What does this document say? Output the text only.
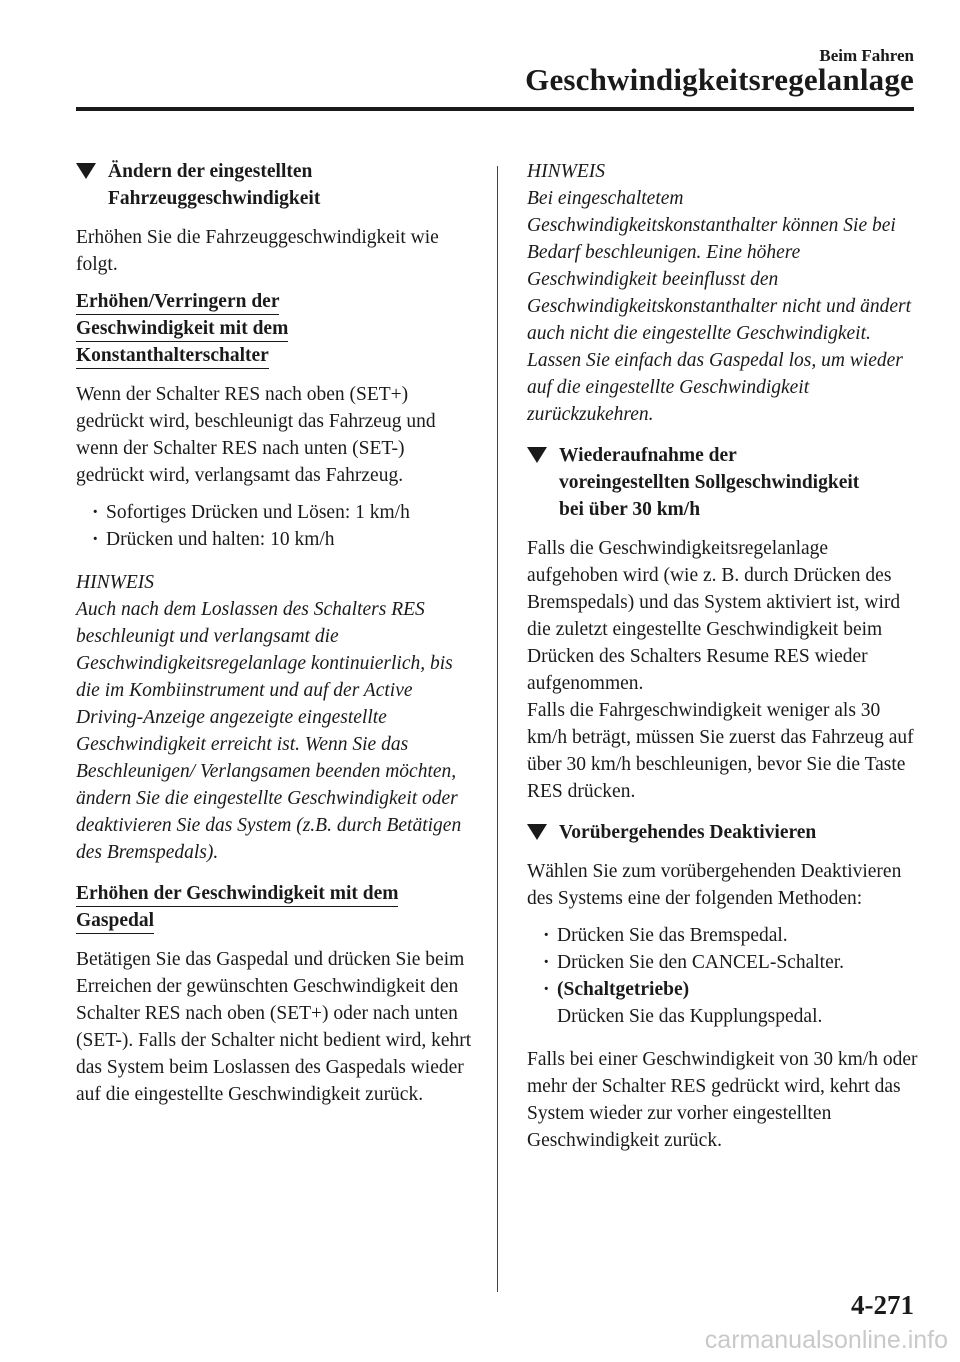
Beim Fahren
Geschwindigkeitsregelanlage
Ändern der eingestellten
Fahrzeuggeschwindigkeit

Erhöhen Sie die Fahrzeuggeschwindigkeit wie folgt.

Erhöhen/Verringern der
Geschwindigkeit mit dem
Konstanthalterschalter

Wenn der Schalter RES nach oben (SET+) gedrückt wird, beschleunigt das Fahrzeug und wenn der Schalter RES nach unten (SET-) gedrückt wird, verlangsamt das Fahrzeug.

· Sofortiges Drücken und Lösen: 1 km/h
· Drücken und halten: 10 km/h
HINWEIS

Auch nach dem Loslassen des Schalters RES beschleunigt und verlangsamt die Geschwindigkeitsregelanlage kontinuierlich, bis die im Kombiinstrument und auf der Active Driving-Anzeige angezeigte eingestellte Geschwindigkeit erreicht ist. Wenn Sie das Beschleunigen/ Verlangsamen beenden möchten, ändern Sie die eingestellte Geschwindigkeit oder deaktivieren Sie das System (z.B. durch Betätigen des Bremspedals).

Erhöhen der Geschwindigkeit mit dem
Gaspedal

Betätigen Sie das Gaspedal und drücken Sie beim Erreichen der gewünschten Geschwindigkeit den Schalter RES nach oben (SET+) oder nach unten (SET-). Falls der Schalter nicht bedient wird, kehrt das System beim Loslassen des Gaspedals wieder auf die eingestellte Geschwindigkeit zurück.

HINWEIS

Bei eingeschaltetem Geschwindigkeitskonstanthalter können Sie bei Bedarf beschleunigen. Eine höhere Geschwindigkeit beeinflusst den Geschwindigkeitskonstanthalter nicht und ändert auch nicht die eingestellte Geschwindigkeit. Lassen Sie einfach das Gaspedal los, um wieder auf die eingestellte Geschwindigkeit zurückzukehren.

Wiederaufnahme der
voreingestellten Sollgeschwindigkeit
bei über 30 km/h

Falls die Geschwindigkeitsregelanlage aufgehoben wird (wie z. B. durch Drücken des Bremspedals) und das System aktiviert ist, wird die zuletzt eingestellte Geschwindigkeit beim Drücken des Schalters Resume RES wieder aufgenommen.

Falls die Fahrgeschwindigkeit weniger als 30 km/h beträgt, müssen Sie zuerst das Fahrzeug auf über 30 km/h beschleunigen, bevor Sie die Taste RES drücken.

Vorübergehendes Deaktivieren

Wählen Sie zum vorübergehenden Deaktivieren des Systems eine der folgenden Methoden:

· Drücken Sie das Bremspedal.
· Drücken Sie den CANCEL-Schalter.
· (Schaltgetriebe)
Drücken Sie das Kupplungspedal.

Falls bei einer Geschwindigkeit von 30 km/h oder mehr der Schalter RES gedrückt wird, kehrt das System wieder zur vorher eingestellten Geschwindigkeit zurück.

4-271
carmanualsonline.info
